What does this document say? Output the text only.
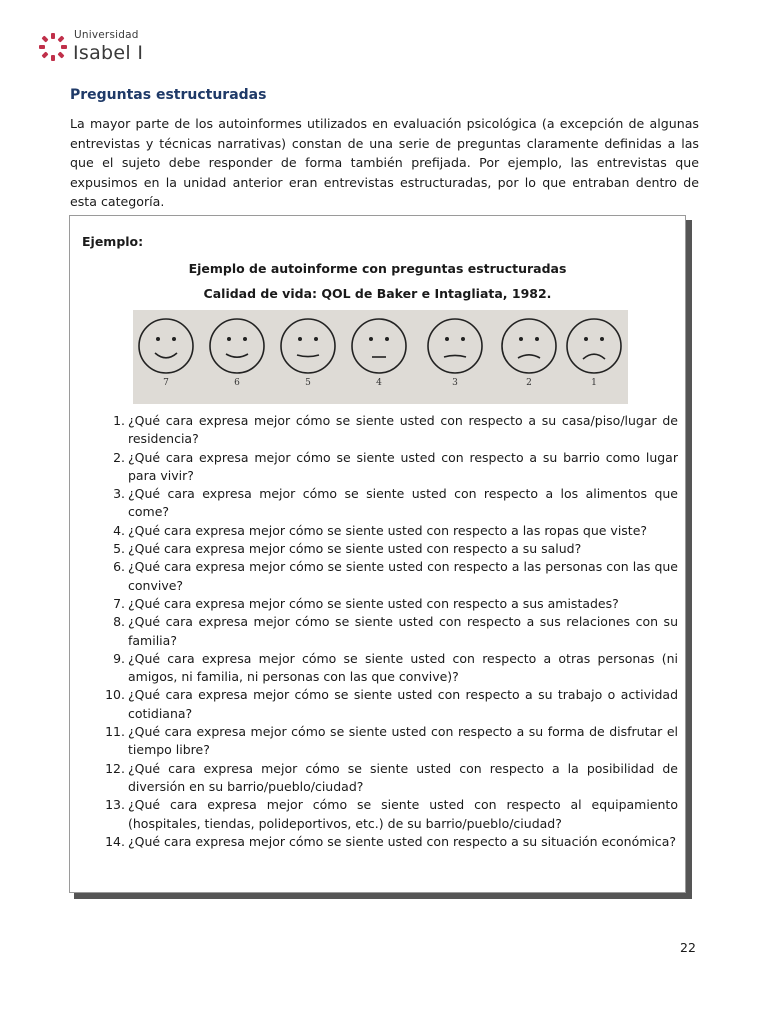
Universidad
Isabel I
Preguntas estructuradas

La mayor parte de los autoinformes utilizados en evaluación psicológica (a excepción de algunas entrevistas y técnicas narrativas) constan de una serie de preguntas claramente definidas a las que el sujeto debe responder de forma también prefijada. Por ejemplo, las entrevistas que expusimos en la unidad anterior eran entrevistas estructuradas, por lo que entraban dentro de esta categoría.

Ejemplo:
Ejemplo de autoinforme con preguntas estructuradas
Calidad de vida: QOL de Baker e Intagliata, 1982.
7	6	5	4	3	2	1
1. ¿Qué cara expresa mejor cómo se siente usted con respecto a su casa/piso/lugar de residencia?
2. ¿Qué cara expresa mejor cómo se siente usted con respecto a su barrio como lugar para vivir?
3. ¿Qué cara expresa mejor cómo se siente usted con respecto a los alimentos que come?
4. ¿Qué cara expresa mejor cómo se siente usted con respecto a las ropas que viste?
5. ¿Qué cara expresa mejor cómo se siente usted con respecto a su salud?
6. ¿Qué cara expresa mejor cómo se siente usted con respecto a las personas con las que convive?
7. ¿Qué cara expresa mejor cómo se siente usted con respecto a sus amistades?
8. ¿Qué cara expresa mejor cómo se siente usted con respecto a sus relaciones con su familia?
9. ¿Qué cara expresa mejor cómo se siente usted con respecto a otras personas (ni amigos, ni familia, ni personas con las que convive)?
10. ¿Qué cara expresa mejor cómo se siente usted con respecto a su trabajo o actividad cotidiana?
11. ¿Qué cara expresa mejor cómo se siente usted con respecto a su forma de disfrutar el tiempo libre?
12. ¿Qué cara expresa mejor cómo se siente usted con respecto a la posibilidad de diversión en su barrio/pueblo/ciudad?
13. ¿Qué cara expresa mejor cómo se siente usted con respecto al equipamiento (hospitales, tiendas, polideportivos, etc.) de su barrio/pueblo/ciudad?
14. ¿Qué cara expresa mejor cómo se siente usted con respecto a su situación económica?
22
